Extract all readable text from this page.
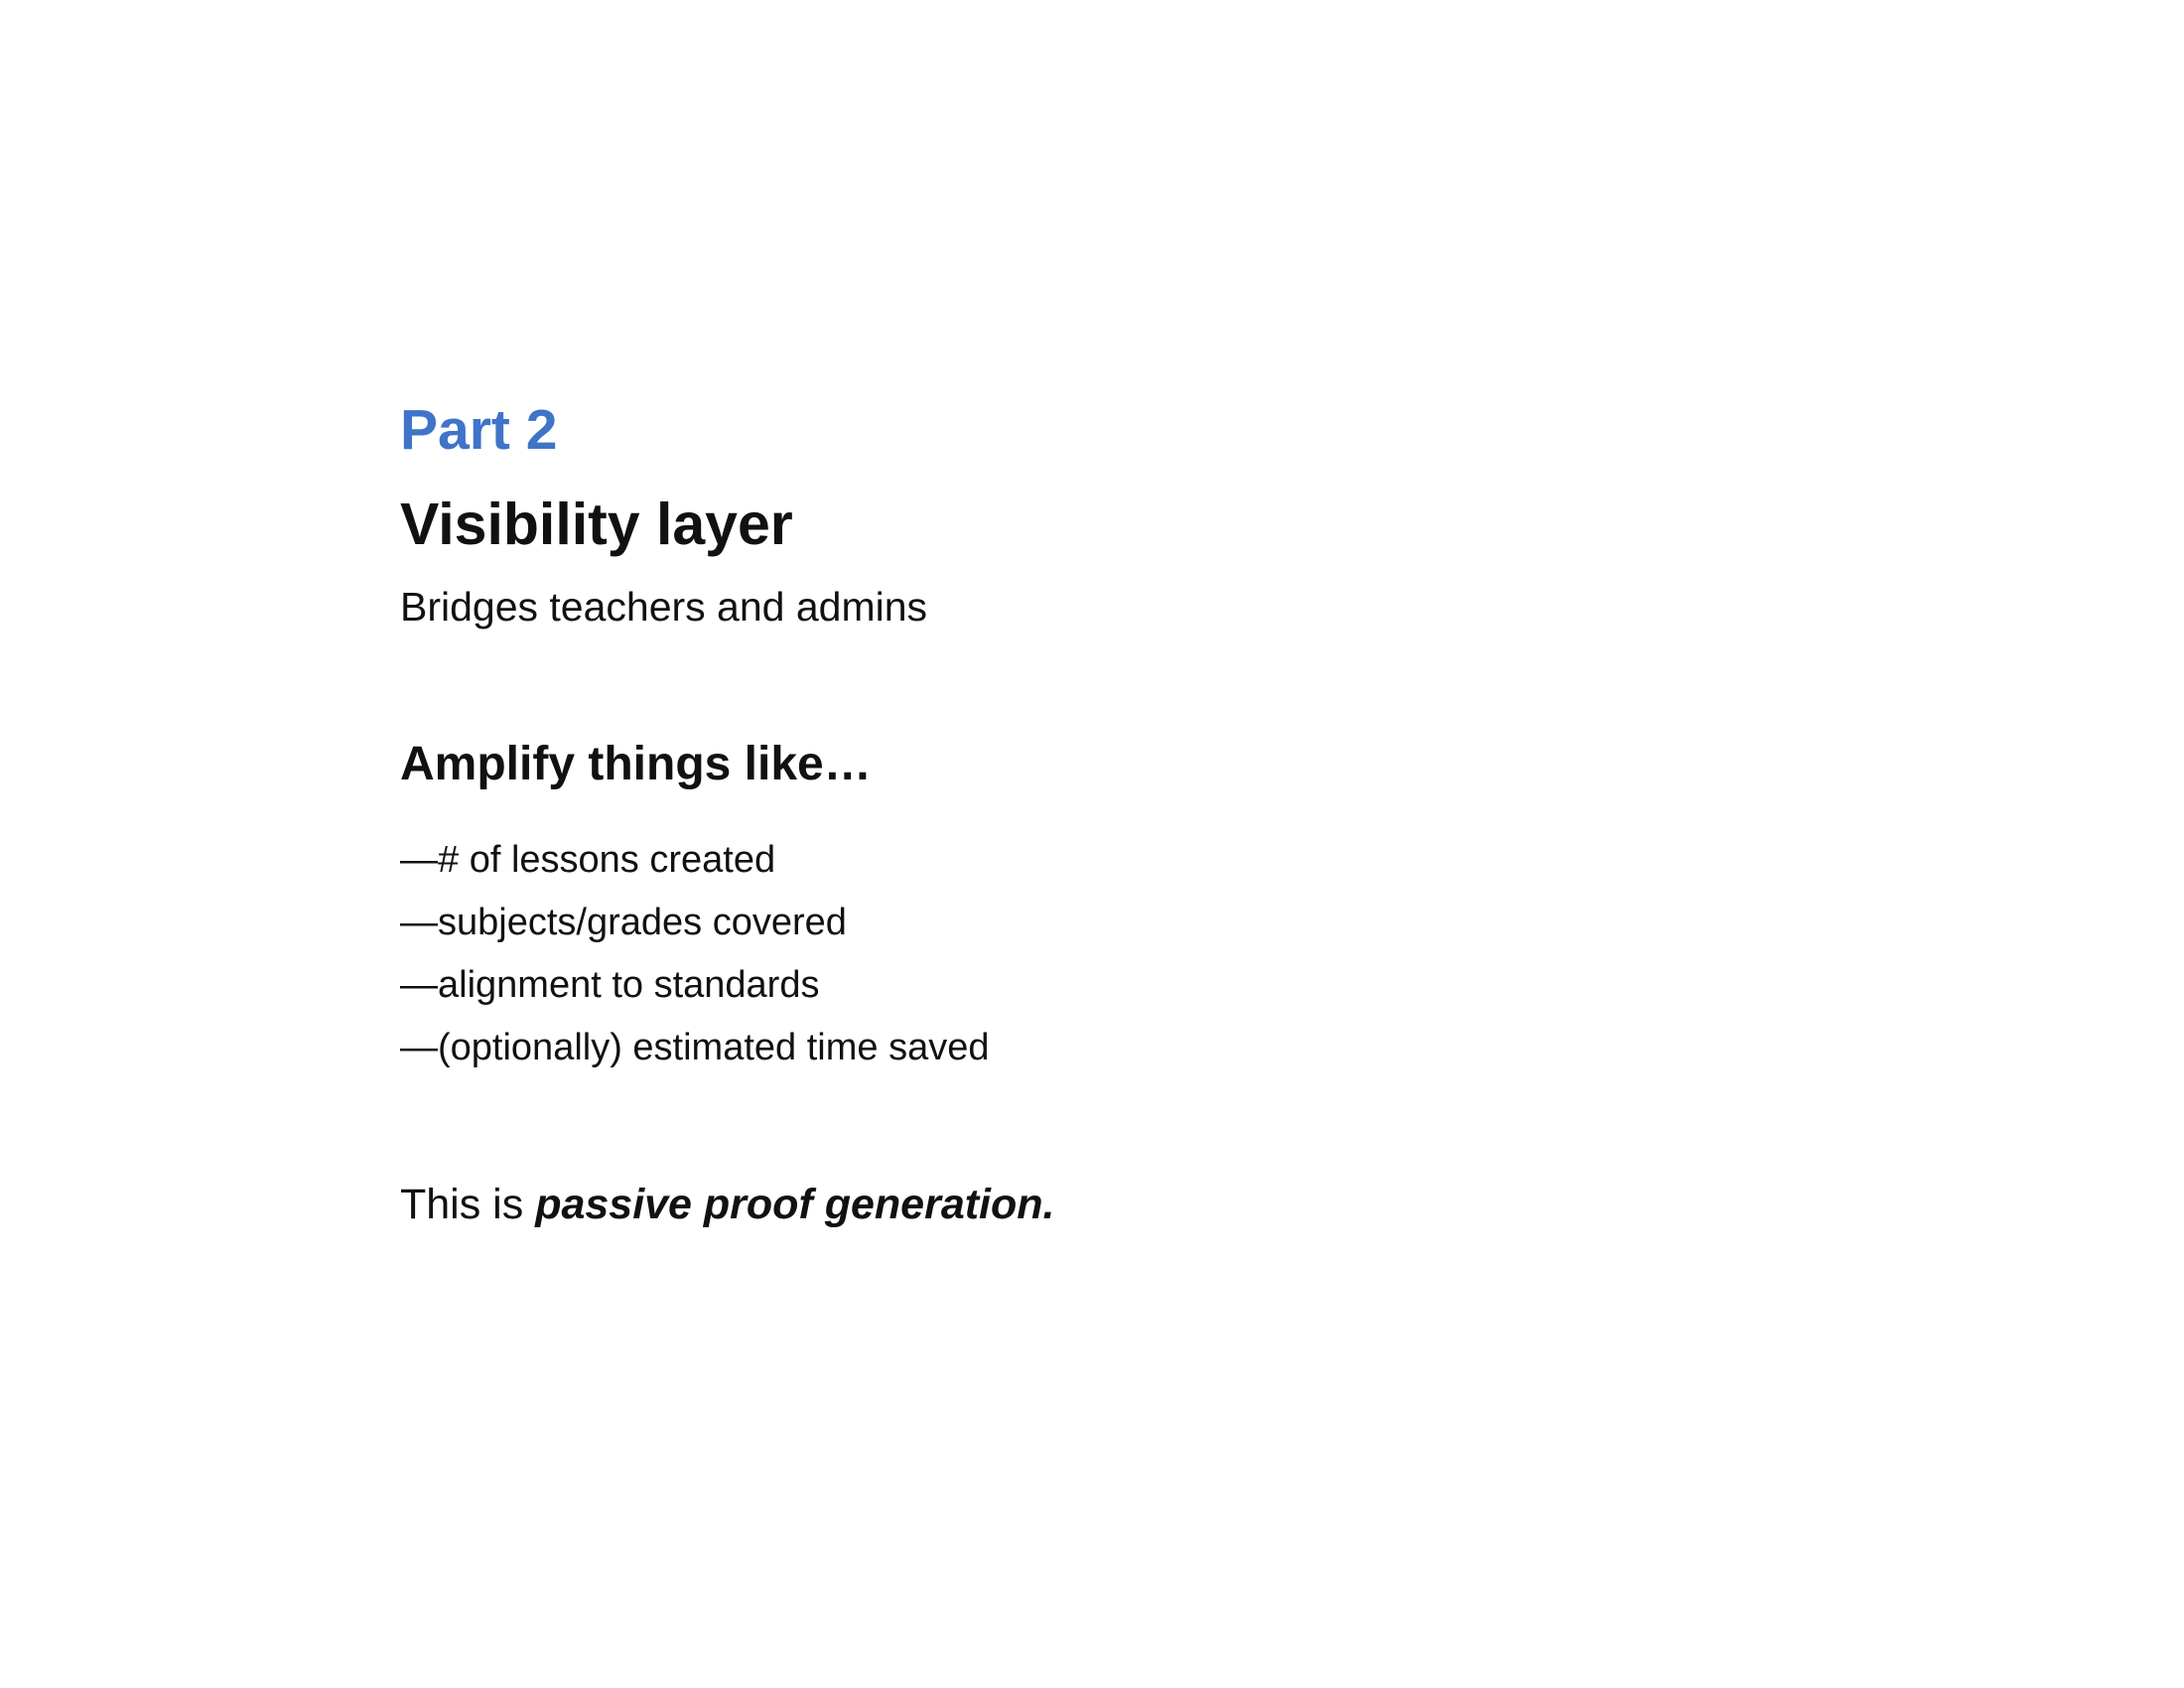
Part 2
Visibility layer

Bridges teachers and admins

Amplify things like…
—# of lessons created
—subjects/grades covered
—alignment to standards
—(optionally) estimated time saved

This is passive proof generation.
